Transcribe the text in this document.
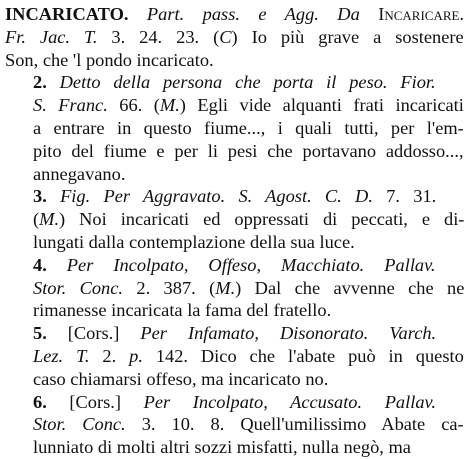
INCARICATO. Part. pass. e Agg. Da Incaricare.
Fr. Jac. T. 3. 24. 23. (C) Io più grave a sostenere
Son, che 'l pondo incaricato.
2. Detto della persona che porta il peso. Fior.
S. Franc. 66. (M.) Egli vide alquanti frati incaricati
a entrare in questo fiume..., i quali tutti, per l'em-
pito del fiume e per li pesi che portavano addosso...,
annegavano.
3. Fig. Per Aggravato. S. Agost. C. D. 7. 31.
(M.) Noi incaricati ed oppressati di peccati, e di-
lungati dalla contemplazione della sua luce.
4. Per Incolpato, Offeso, Macchiato. Pallav.
Stor. Conc. 2. 387. (M.) Dal che avvenne che ne
rimanesse incaricata la fama del fratello.
5. [Cors.] Per Infamato, Disonorato. Varch.
Lez. T. 2. p. 142. Dico che l'abate può in questo
caso chiamarsi offeso, ma incaricato no.
6. [Cors.] Per Incolpato, Accusato. Pallav.
Stor. Conc. 3. 10. 8. Quell'umilissimo Abate ca-
lunniato di molti altri sozzi misfatti, nulla negò, ma
